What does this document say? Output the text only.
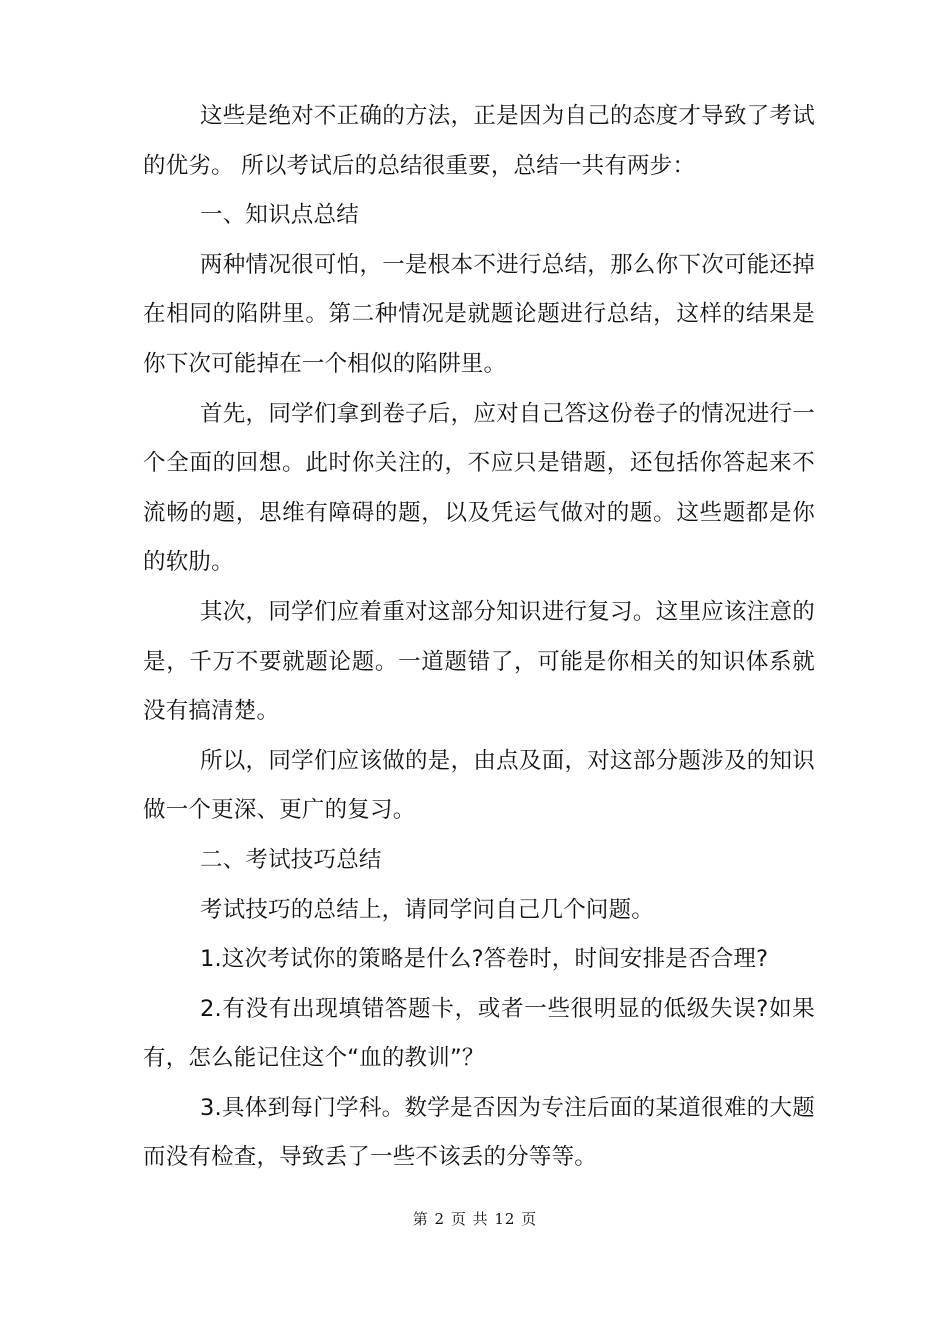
这些是绝对不正确的方法，正是因为自己的态度才导致了考试的优劣。 所以考试后的总结很重要，总结一共有两步：

一、知识点总结

两种情况很可怕，一是根本不进行总结，那么你下次可能还掉在相同的陷阱里。第二种情况是就题论题进行总结，这样的结果是你下次可能掉在一个相似的陷阱里。

首先，同学们拿到卷子后，应对自己答这份卷子的情况进行一个全面的回想。此时你关注的，不应只是错题，还包括你答起来不流畅的题，思维有障碍的题，以及凭运气做对的题。这些题都是你的软肋。

其次，同学们应着重对这部分知识进行复习。这里应该注意的是，千万不要就题论题。一道题错了，可能是你相关的知识体系就没有搞清楚。

所以，同学们应该做的是，由点及面，对这部分题涉及的知识做一个更深、更广的复习。

二、考试技巧总结

考试技巧的总结上，请同学问自己几个问题。

1.这次考试你的策略是什么?答卷时，时间安排是否合理?

2.有没有出现填错答题卡，或者一些很明显的低级失误?如果有，怎么能记住这个“血的教训”？

3.具体到每门学科。数学是否因为专注后面的某道很难的大题而没有检查，导致丢了一些不该丢的分等等。

第 2 页 共 12 页
